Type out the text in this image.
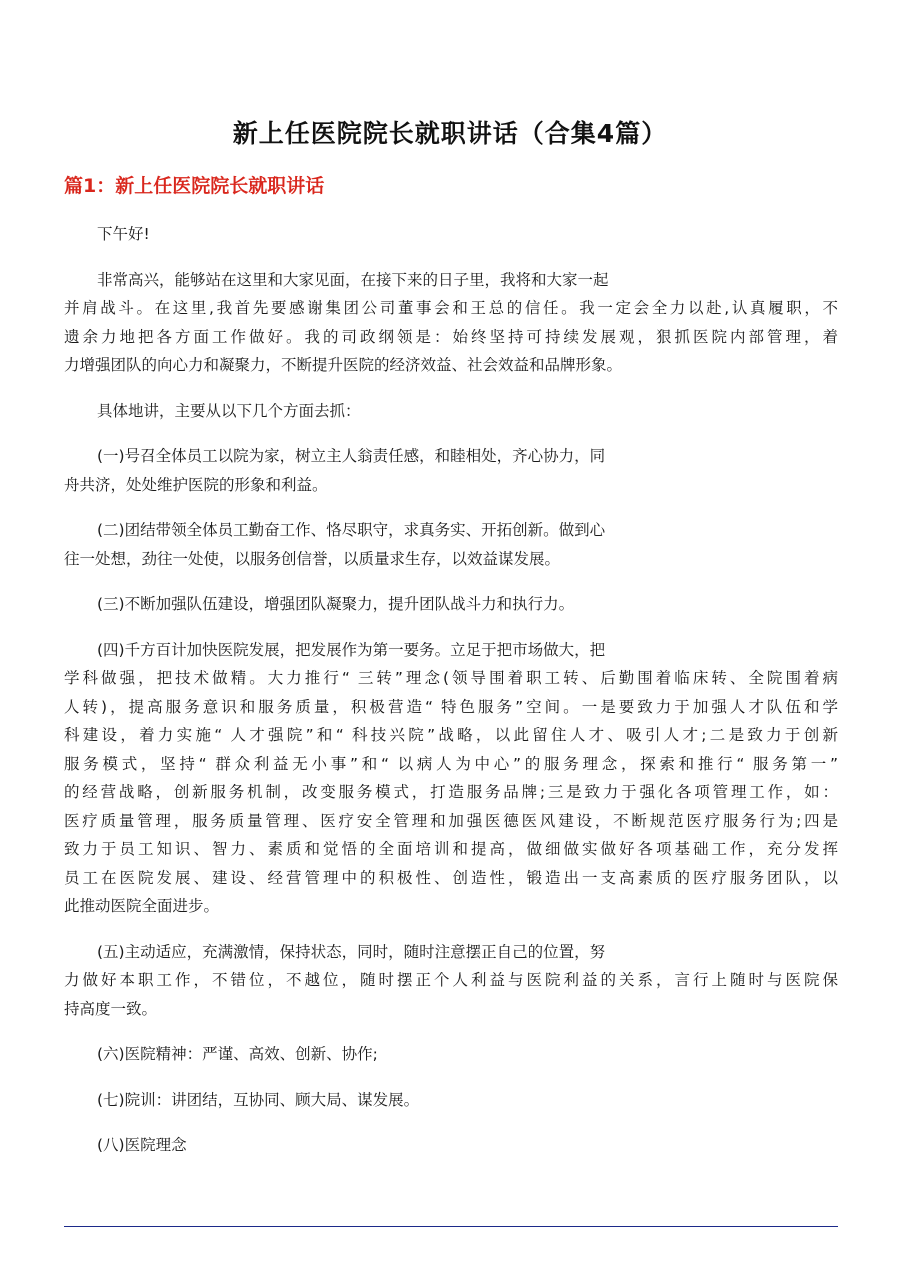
新上任医院院长就职讲话（合集4篇）
篇1：新上任医院院长就职讲话

下午好!

非常高兴，能够站在这里和大家见面，在接下来的日子里，我将和大家一起
并肩战斗。在这里,我首先要感谢集团公司董事会和王总的信任。我一定会全力以赴,认真履职，不
遗余力地把各方面工作做好。我的司政纲领是：始终坚持可持续发展观，狠抓医院内部管理，着
力增强团队的向心力和凝聚力，不断提升医院的经济效益、社会效益和品牌形象。

具体地讲，主要从以下几个方面去抓：

(一)号召全体员工以院为家，树立主人翁责任感，和睦相处，齐心协力，同
舟共济，处处维护医院的形象和利益。

(二)团结带领全体员工勤奋工作、恪尽职守，求真务实、开拓创新。做到心
往一处想，劲往一处使，以服务创信誉，以质量求生存，以效益谋发展。

(三)不断加强队伍建设，增强团队凝聚力，提升团队战斗力和执行力。

(四)千方百计加快医院发展，把发展作为第一要务。立足于把市场做大，把
学科做强，把技术做精。大力推行“ 三转”理念(领导围着职工转、后勤围着临床转、全院围着病
人转)，提高服务意识和服务质量，积极营造“ 特色服务”空间。一是要致力于加强人才队伍和学
科建设，着力实施“ 人才强院”和“ 科技兴院”战略，以此留住人才、吸引人才;二是致力于创新
服务模式，坚持“ 群众利益无小事”和“ 以病人为中心”的服务理念，探索和推行“ 服务第一”
的经营战略，创新服务机制，改变服务模式，打造服务品牌;三是致力于强化各项管理工作，如：
医疗质量管理，服务质量管理、医疗安全管理和加强医德医风建设，不断规范医疗服务行为;四是
致力于员工知识、智力、素质和觉悟的全面培训和提高，做细做实做好各项基础工作，充分发挥
员工在医院发展、建设、经营管理中的积极性、创造性，锻造出一支高素质的医疗服务团队，以
此推动医院全面进步。

(五)主动适应，充满激情，保持状态，同时，随时注意摆正自己的位置，努
力做好本职工作，不错位，不越位，随时摆正个人利益与医院利益的关系，言行上随时与医院保
持高度一致。

(六)医院精神：严谨、高效、创新、协作;

(七)院训：讲团结，互协同、顾大局、谋发展。

(八)医院理念
